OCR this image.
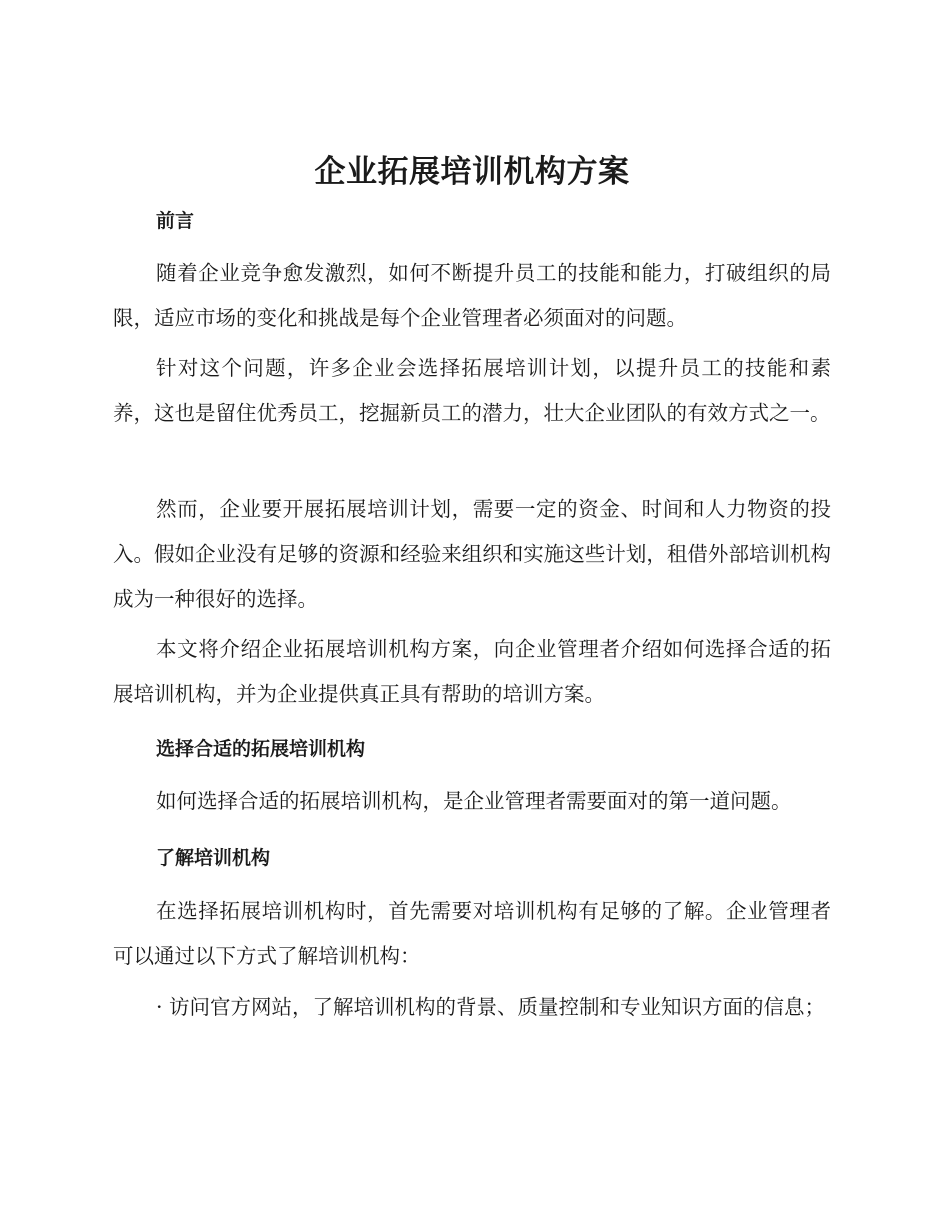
企业拓展培训机构方案
前言

随着企业竞争愈发激烈，如何不断提升员工的技能和能力，打破组织的局限，适应市场的变化和挑战是每个企业管理者必须面对的问题。

针对这个问题，许多企业会选择拓展培训计划，以提升员工的技能和素养，这也是留住优秀员工，挖掘新员工的潜力，壮大企业团队的有效方式之一。

然而，企业要开展拓展培训计划，需要一定的资金、时间和人力物资的投入。假如企业没有足够的资源和经验来组织和实施这些计划，租借外部培训机构成为一种很好的选择。

本文将介绍企业拓展培训机构方案，向企业管理者介绍如何选择合适的拓展培训机构，并为企业提供真正具有帮助的培训方案。

选择合适的拓展培训机构

如何选择合适的拓展培训机构，是企业管理者需要面对的第一道问题。

了解培训机构

在选择拓展培训机构时，首先需要对培训机构有足够的了解。企业管理者可以通过以下方式了解培训机构：

· 访问官方网站，了解培训机构的背景、质量控制和专业知识方面的信息；
